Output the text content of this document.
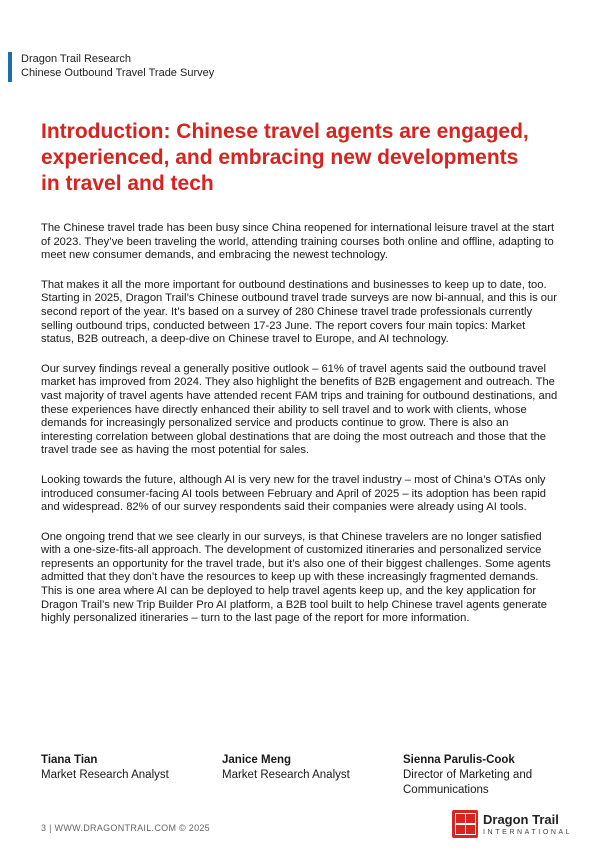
Dragon Trail Research
Chinese Outbound Travel Trade Survey
Introduction: Chinese travel agents are engaged, experienced, and embracing new developments in travel and tech

The Chinese travel trade has been busy since China reopened for international leisure travel at the start of 2023. They’ve been traveling the world, attending training courses both online and offline, adapting to meet new consumer demands, and embracing the newest technology.

That makes it all the more important for outbound destinations and businesses to keep up to date, too. Starting in 2025, Dragon Trail’s Chinese outbound travel trade surveys are now bi-annual, and this is our second report of the year. It’s based on a survey of 280 Chinese travel trade professionals currently selling outbound trips, conducted between 17-23 June. The report covers four main topics: Market status, B2B outreach, a deep-dive on Chinese travel to Europe, and AI technology.

Our survey findings reveal a generally positive outlook – 61% of travel agents said the outbound travel market has improved from 2024. They also highlight the benefits of B2B engagement and outreach. The vast majority of travel agents have attended recent FAM trips and training for outbound destinations, and these experiences have directly enhanced their ability to sell travel and to work with clients, whose demands for increasingly personalized service and products continue to grow. There is also an interesting correlation between global destinations that are doing the most outreach and those that the travel trade see as having the most potential for sales.

Looking towards the future, although AI is very new for the travel industry – most of China’s OTAs only introduced consumer-facing AI tools between February and April of 2025 – its adoption has been rapid and widespread. 82% of our survey respondents said their companies were already using AI tools.

One ongoing trend that we see clearly in our surveys, is that Chinese travelers are no longer satisfied with a one-size-fits-all approach. The development of customized itineraries and personalized service represents an opportunity for the travel trade, but it’s also one of their biggest challenges. Some agents admitted that they don’t have the resources to keep up with these increasingly fragmented demands. This is one area where AI can be deployed to help travel agents keep up, and the key application for Dragon Trail’s new Trip Builder Pro AI platform, a B2B tool built to help Chinese travel agents generate highly personalized itineraries – turn to the last page of the report for more information.

Tiana Tian
Market Research Analyst
Janice Meng
Market Research Analyst
Sienna Parulis-Cook
Director of Marketing and Communications
3 | WWW.DRAGONTRAIL.COM © 2025
Dragon Trail
INTERNATIONAL
